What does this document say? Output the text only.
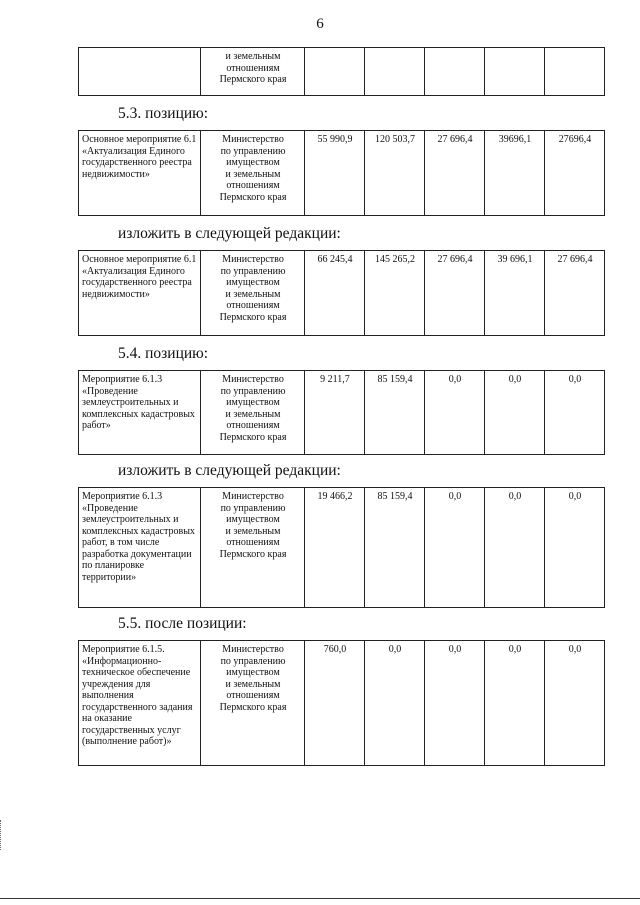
6
	и земельным
отношениям
Пермского края					
5.3. позицию:
Основное мероприятие 6.1 «Актуализация Единого государственного реестра недвижимости»	Министерство
по управлению
имуществом
и земельным
отношениям
Пермского края	55 990,9	120 503,7	27 696,4	39696,1	27696,4
изложить в следующей редакции:
Основное мероприятие 6.1 «Актуализация Единого государственного реестра недвижимости»	Министерство
по управлению
имуществом
и земельным
отношениям
Пермского края	66 245,4	145 265,2	27 696,4	39 696,1	27 696,4
5.4. позицию:
Мероприятие 6.1.3 «Проведение землеустроительных и комплексных кадастровых работ»	Министерство
по управлению
имуществом
и земельным
отношениям
Пермского края	9 211,7	85 159,4	0,0	0,0	0,0
изложить в следующей редакции:
Мероприятие 6.1.3 «Проведение землеустроительных и комплексных кадастровых работ, в том числе разработка документации по планировке территории»	Министерство
по управлению
имуществом
и земельным
отношениям
Пермского края	19 466,2	85 159,4	0,0	0,0	0,0
5.5. после позиции:
Мероприятие 6.1.5. «Информационно-техническое обеспечение учреждения для выполнения государственного задания на оказание государственных услуг (выполнение работ)»	Министерство
по управлению
имуществом
и земельным
отношениям
Пермского края	760,0	0,0	0,0	0,0	0,0
